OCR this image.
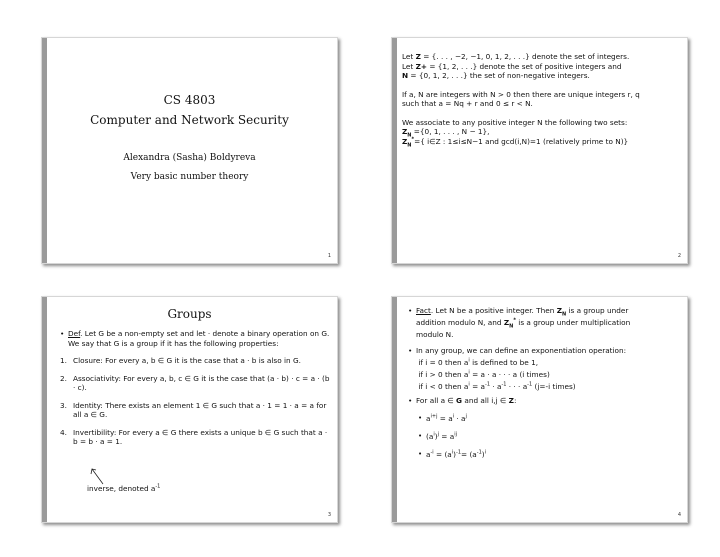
CS 4803
Computer and Network Security
Alexandra (Sasha) Boldyreva
Very basic number theory
1

Let Z = {. . . , −2, −1, 0, 1, 2, . . .} denote the set of integers.

Let Z+ = {1, 2, . . .} denote the set of positive integers and

N = {0, 1, 2, . . .} the set of non-negative integers.

If a, N are integers with N > 0 then there are unique integers r, q

such that a = Nq + r and 0 ≤ r < N.

We associate to any positive integer N the following two sets:

$Z_N =\{0$, 1, . . . , N − 1},

$Z_N^*=${ i∈Z : 1≤i≤N−1 and gcd(i,N)=1 (relatively prime to N)}

2
Groups
• Def. Let G be a non-empty set and let · denote a binary operation on G. We say that G is a group if it has the following properties:
1. Closure: For every a, b ∈ G it is the case that a · b is also in G.
2. Associativity: For every a, b, c ∈ G it is the case that (a · b) · c = a · (b · c).
3. Identity: There exists an element 1 ∈ G such that a · 1 = 1 · a = a for all a ∈ G.
4. Invertibility: For every a ∈ G there exists a unique b ∈ G such that a · b = b · a = 1.
inverse, denoted $a^{-1}$
3
• Fact. Let N be a positive integer. Then $Z_N$ is a group under
addition modulo N, and $Z_N^*$ is a group under multiplication
modulo N.
• In any group, we can define an exponentiation operation:
if i = 0 then $a^i$ is defined to be 1,
if i > 0 then $a^i = a \cdot a$ · · · a (i times)
if i < 0 then $a^i = a^{-1} \cdot a^{-1}$ · · · $a^{-1}$ (j=-i times)
• For all a ∈ G and all i,j ∈ Z:
• $a^{i+j} = a^i \cdot a^j$
• $(a^i)^j = a^{ij}$
• $a^{-i} = (a^i)^{-1}= (a^{-1})^i$
4
